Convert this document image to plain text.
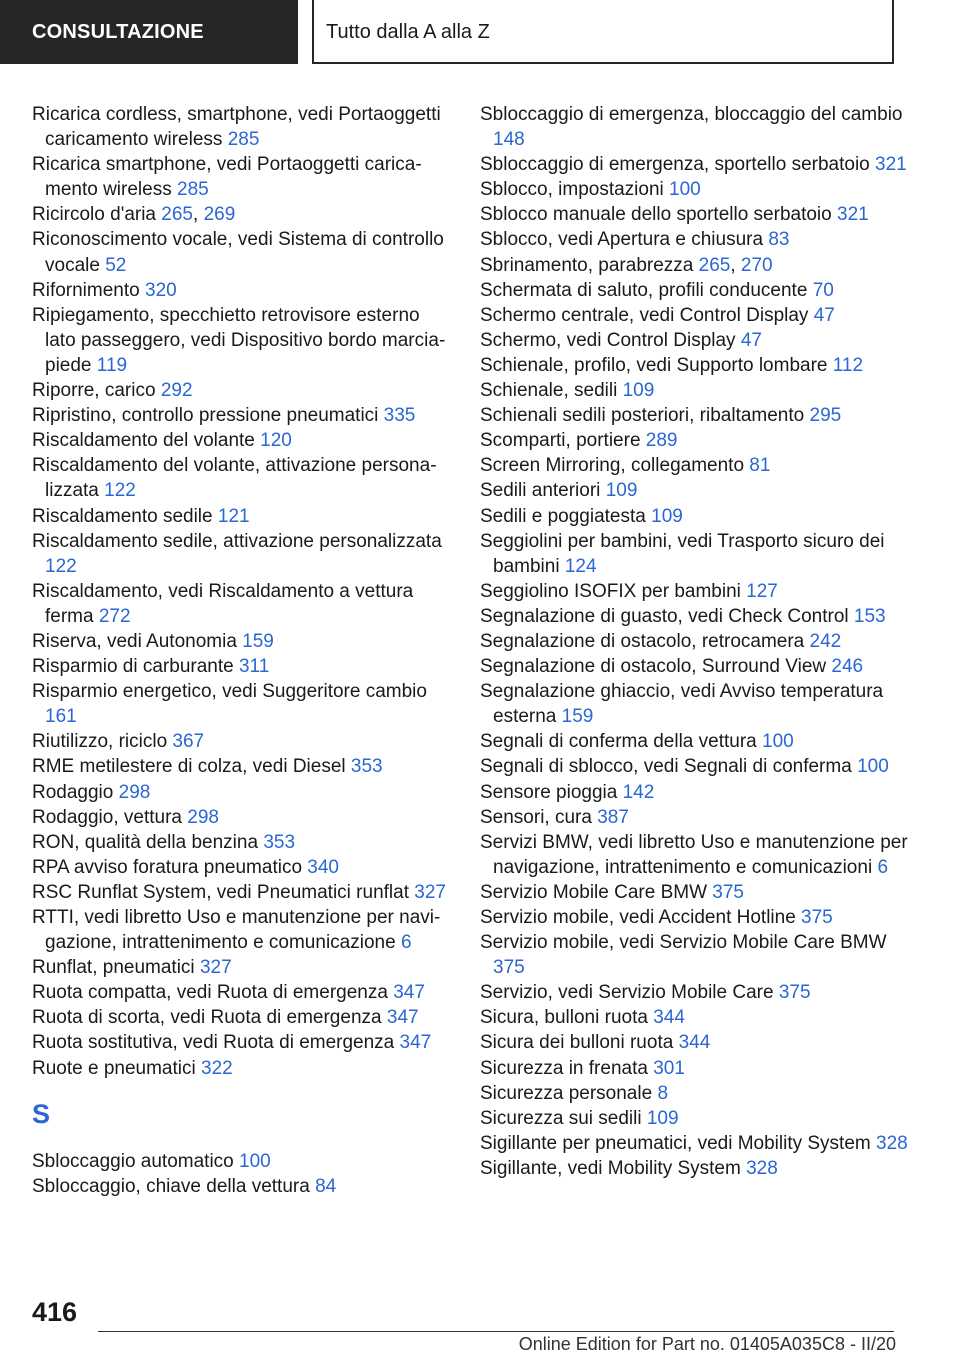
CONSULTAZIONE	Tutto dalla A alla Z
Ricarica cordless, smartphone, vedi Portaoggetti caricamento wireless 285
Ricarica smartphone, vedi Portaoggetti caricamento wireless 285
Ricircolo d'aria 265, 269
Riconoscimento vocale, vedi Sistema di controllo vocale 52
Rifornimento 320
Ripiegamento, specchietto retrovisore esterno lato passeggero, vedi Dispositivo bordo marciapiede 119
Riporre, carico 292
Ripristino, controllo pressione pneumatici 335
Riscaldamento del volante 120
Riscaldamento del volante, attivazione personalizzata 122
Riscaldamento sedile 121
Riscaldamento sedile, attivazione personalizzata 122
Riscaldamento, vedi Riscaldamento a vettura ferma 272
Riserva, vedi Autonomia 159
Risparmio di carburante 311
Risparmio energetico, vedi Suggeritore cambio 161
Riutilizzo, riciclo 367
RME metilestere di colza, vedi Diesel 353
Rodaggio 298
Rodaggio, vettura 298
RON, qualità della benzina 353
RPA avviso foratura pneumatico 340
RSC Runflat System, vedi Pneumatici runflat 327
RTTI, vedi libretto Uso e manutenzione per navigazione, intrattenimento e comunicazione 6
Runflat, pneumatici 327
Ruota compatta, vedi Ruota di emergenza 347
Ruota di scorta, vedi Ruota di emergenza 347
Ruota sostitutiva, vedi Ruota di emergenza 347
Ruote e pneumatici 322
S
Sbloccaggio automatico 100
Sbloccaggio, chiave della vettura 84
Sbloccaggio di emergenza, bloccaggio del cambio 148
Sbloccaggio di emergenza, sportello serbatoio 321
Sblocco, impostazioni 100
Sblocco manuale dello sportello serbatoio 321
Sblocco, vedi Apertura e chiusura 83
Sbrinamento, parabrezza 265, 270
Schermata di saluto, profili conducente 70
Schermo centrale, vedi Control Display 47
Schermo, vedi Control Display 47
Schienale, profilo, vedi Supporto lombare 112
Schienale, sedili 109
Schienali sedili posteriori, ribaltamento 295
Scomparti, portiere 289
Screen Mirroring, collegamento 81
Sedili anteriori 109
Sedili e poggiatesta 109
Seggiolini per bambini, vedi Trasporto sicuro dei bambini 124
Seggiolino ISOFIX per bambini 127
Segnalazione di guasto, vedi Check Control 153
Segnalazione di ostacolo, retrocamera 242
Segnalazione di ostacolo, Surround View 246
Segnalazione ghiaccio, vedi Avviso temperatura esterna 159
Segnali di conferma della vettura 100
Segnali di sblocco, vedi Segnali di conferma 100
Sensore pioggia 142
Sensori, cura 387
Servizi BMW, vedi libretto Uso e manutenzione per navigazione, intrattenimento e comunicazioni 6
Servizio Mobile Care BMW 375
Servizio mobile, vedi Accident Hotline 375
Servizio mobile, vedi Servizio Mobile Care BMW 375
Servizio, vedi Servizio Mobile Care 375
Sicura, bulloni ruota 344
Sicura dei bulloni ruota 344
Sicurezza in frenata 301
Sicurezza personale 8
Sicurezza sui sedili 109
Sigillante per pneumatici, vedi Mobility System 328
Sigillante, vedi Mobility System 328
416
Online Edition for Part no. 01405A035C8 - II/20
